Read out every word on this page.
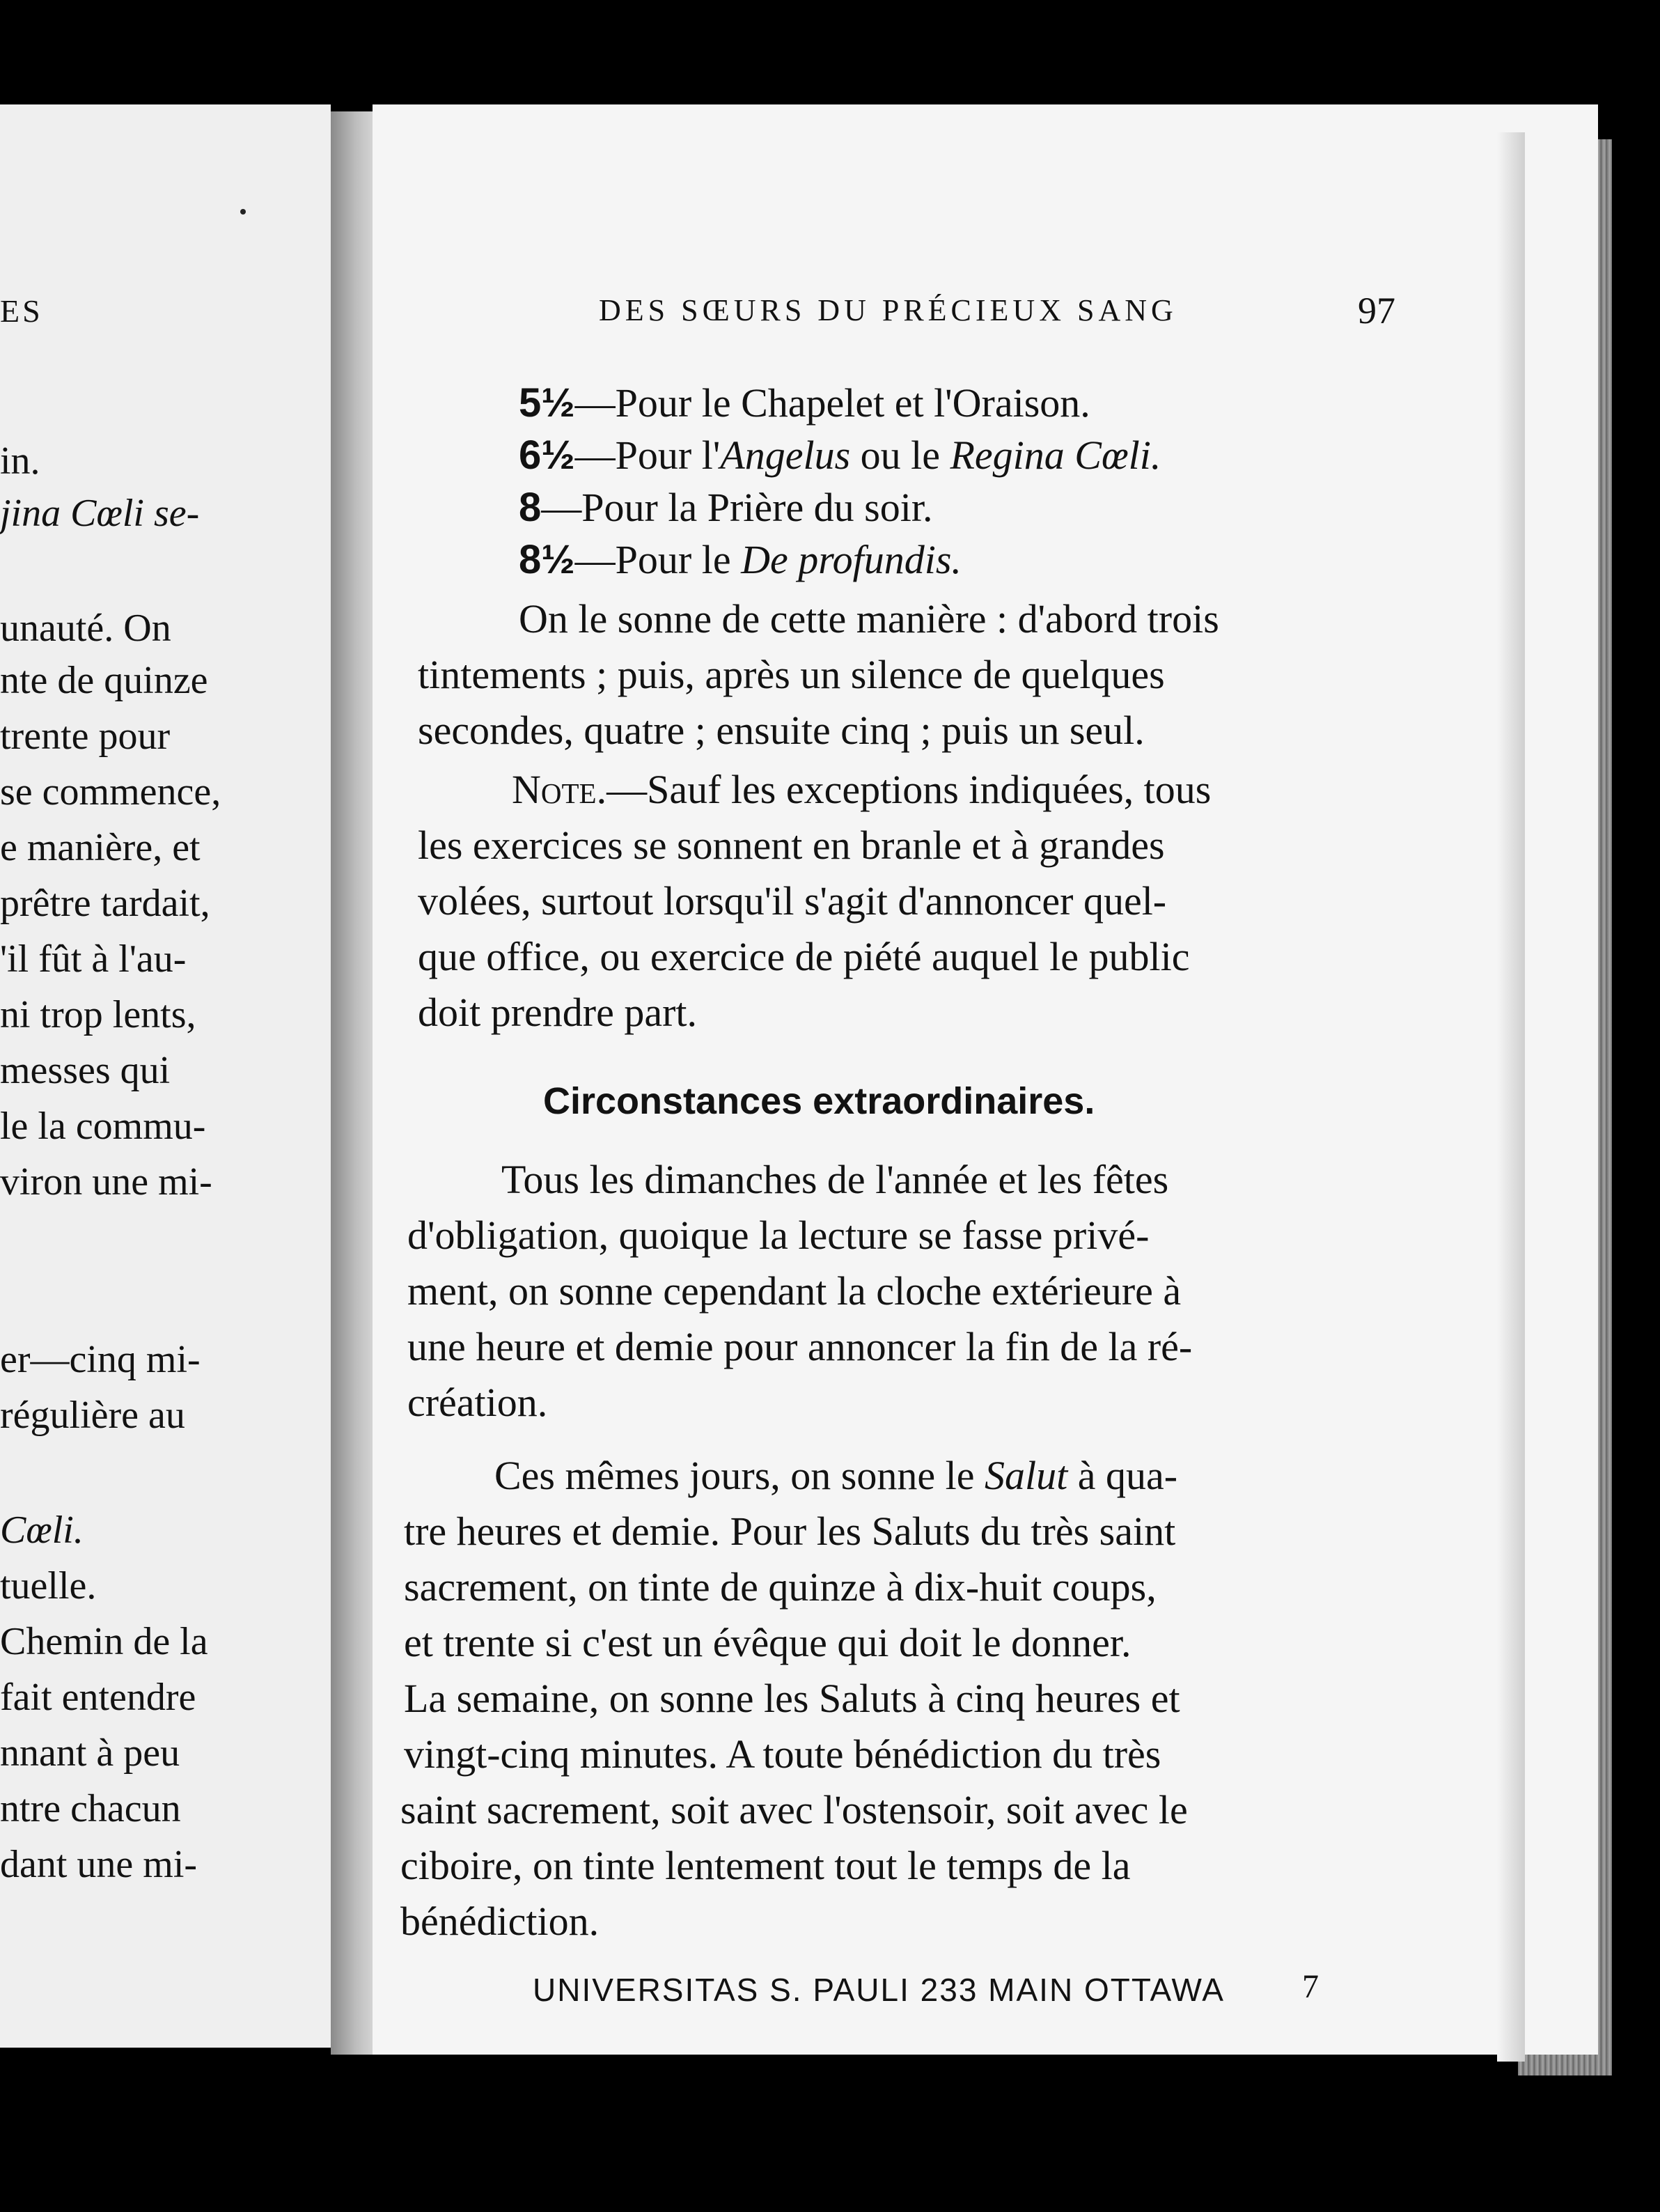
ES
in.
jina Cœli se-
unauté. On
nte de quinze
trente pour
se commence,
e manière, et
prêtre tardait,
'il fût à l'au-
ni trop lents,
messes qui
le la commu-
viron une mi-
er—cinq mi-
régulière au
Cœli.
tuelle.
Chemin de la
fait entendre
nnant à peu
ntre chacun
dant une mi-
DES SŒURS DU PRÉCIEUX SANG	97
5½—Pour le Chapelet et l'Oraison.
6½—Pour l'Angelus ou le Regina Cœli.
8—Pour la Prière du soir.
8½—Pour le De profundis.
On le sonne de cette manière : d'abord trois
tintements ; puis, après un silence de quelques
secondes, quatre ; ensuite cinq ; puis un seul.
Note.—Sauf les exceptions indiquées, tous
les exercices se sonnent en branle et à grandes
volées, surtout lorsqu'il s'agit d'annoncer quel-
que office, ou exercice de piété auquel le public
doit prendre part.
Circonstances extraordinaires.
Tous les dimanches de l'année et les fêtes
d'obligation, quoique la lecture se fasse privé-
ment, on sonne cependant la cloche extérieure à
une heure et demie pour annoncer la fin de la ré-
création.
Ces mêmes jours, on sonne le Salut à qua-
tre heures et demie. Pour les Saluts du très saint
sacrement, on tinte de quinze à dix-huit coups,
et trente si c'est un évêque qui doit le donner.
La semaine, on sonne les Saluts à cinq heures et
vingt-cinq minutes. A toute bénédiction du très
saint sacrement, soit avec l'ostensoir, soit avec le
ciboire, on tinte lentement tout le temps de la
bénédiction.
UNIVERSITAS S. PAULI 233 MAIN OTTAWA 7
